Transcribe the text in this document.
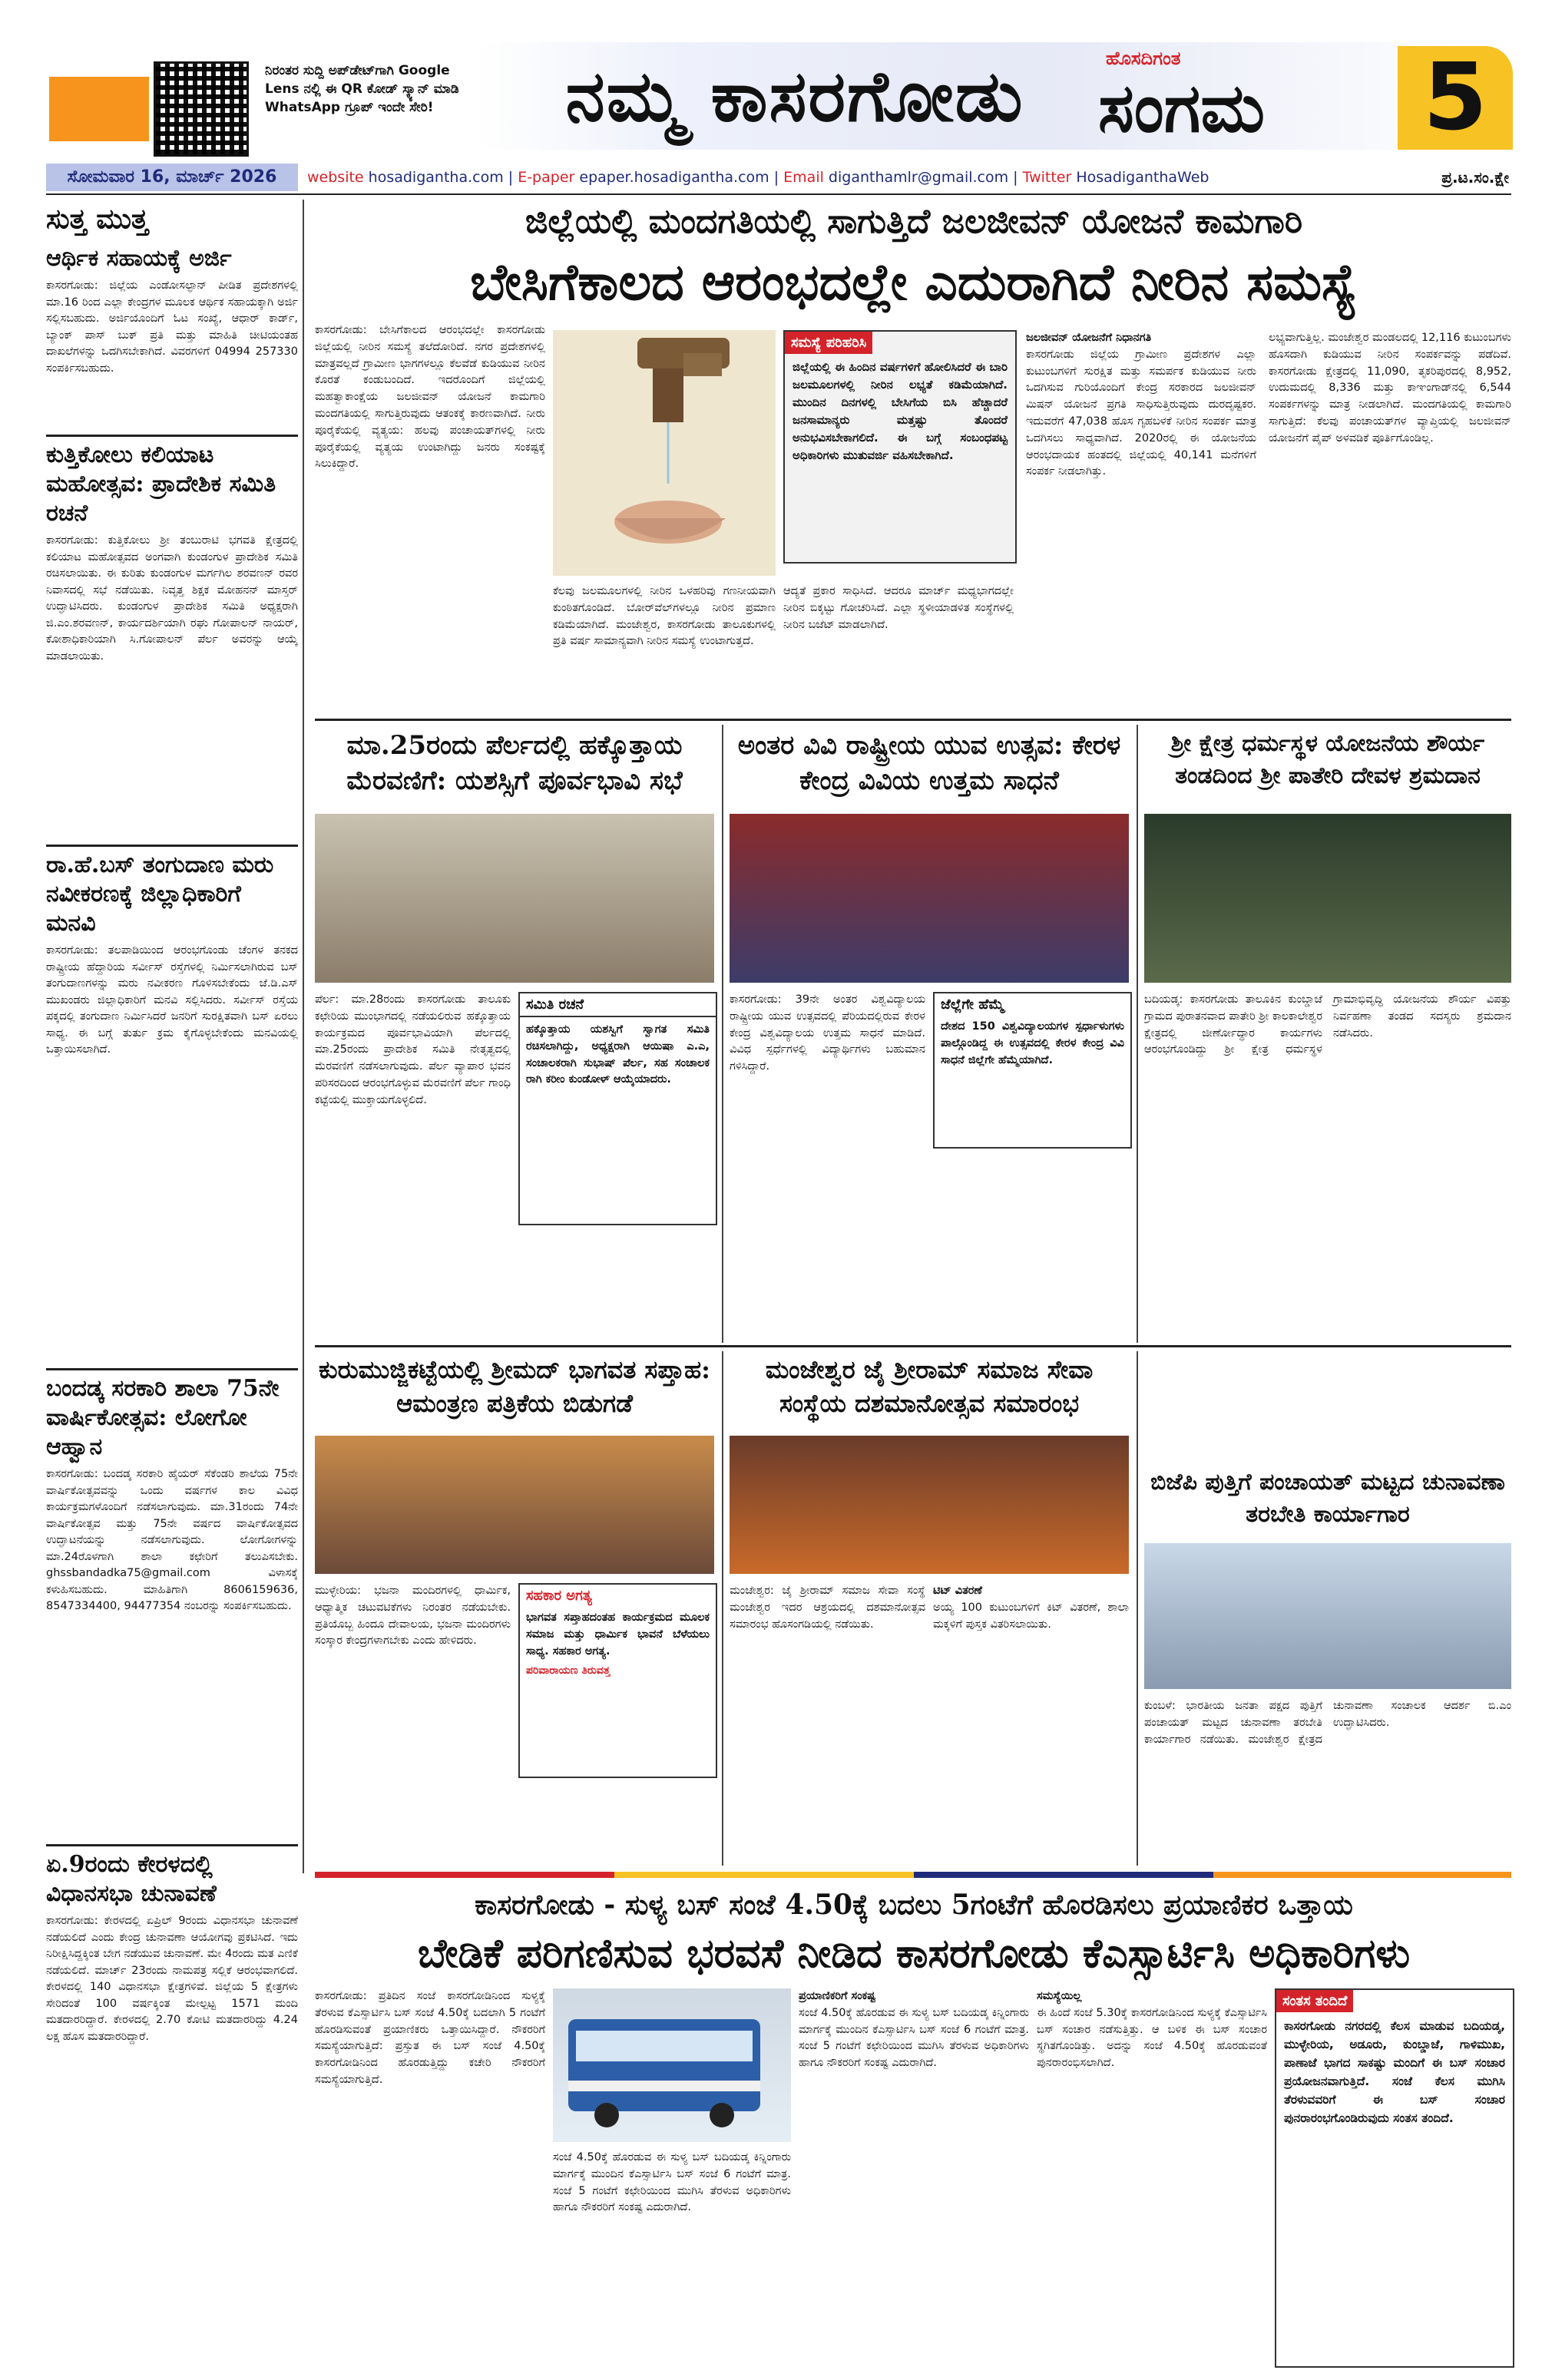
ನಿರಂತರ ಸುದ್ದಿ ಅಪ್‌ಡೇಟ್‌ಗಾಗಿ Google Lens ನಲ್ಲಿ ಈ QR ಕೋಡ್ ಸ್ಕ್ಯಾನ್ ಮಾಡಿ WhatsApp ಗ್ರೂಪ್ ಇಂದೇ ಸೇರಿ!	ನಮ್ಮ ಕಾಸರಗೋಡು	ಹೊಸದಿಗಂತ
ಸಂಗಮ 5
ಸೋಮವಾರ 16, ಮಾರ್ಚ್ 2026	website hosadigantha.com | E-paper epaper.hosadigantha.com | Email diganthamlr@gmail.com | Twitter HosadiganthaWeb	ಪ್ರ.ಟ.ಸಂ.ಕ್ಷೇ
ಸುತ್ತ ಮುತ್ತ
ಆರ್ಥಿಕ ಸಹಾಯಕ್ಕೆ ಅರ್ಜಿ

ಕಾಸರಗೋಡು: ಜಿಲ್ಲೆಯ ಎಂಡೋಸಲ್ಫಾನ್ ಪೀಡಿತ ಪ್ರದೇಶಗಳಲ್ಲಿ ಮಾ.16 ರಿಂದ ಎಲ್ಲಾ ಕೇಂದ್ರಗಳ ಮೂಲಕ ಆರ್ಥಿಕ ಸಹಾಯಕ್ಕಾಗಿ ಅರ್ಜಿ ಸಲ್ಲಿಸಬಹುದು. ಅರ್ಜಿಯೊಂದಿಗೆ ಓಟ ಸಂಖ್ಯೆ, ಆಧಾರ್ ಕಾರ್ಡ್, ಬ್ಯಾಂಕ್ ಪಾಸ್ ಬುಕ್ ಪ್ರತಿ ಮತ್ತು ಮಾಹಿತಿ ಚೀಟಿಯಂತಹ ದಾಖಲೆಗಳನ್ನು ಒದಗಿಸಬೇಕಾಗಿದೆ. ವಿವರಗಳಿಗೆ 04994 257330 ಸಂಪರ್ಕಿಸಬಹುದು.

ಕುತ್ತಿಕೋಲು ಕಲಿಯಾಟ ಮಹೋತ್ಸವ: ಪ್ರಾದೇಶಿಕ ಸಮಿತಿ ರಚನೆ

ಕಾಸರಗೋಡು: ಕುತ್ತಿಕೋಲು ಶ್ರೀ ತಂಬುರಾಟಿ ಭಗವತಿ ಕ್ಷೇತ್ರದಲ್ಲಿ ಕಲಿಯಾಟ ಮಹೋತ್ಸವದ ಅಂಗವಾಗಿ ಕುಂಡಂಗುಳ ಪ್ರಾದೇಶಿಕ ಸಮಿತಿ ರಚಿಸಲಾಯಿತು. ಈ ಕುರಿತು ಕುಂಡಂಗುಳ ಮರ್ಗಗಿಲ ಶರವಣನ್ ರವರ ನಿವಾಸದಲ್ಲಿ ಸಭೆ ನಡೆಯಿತು. ನಿವೃತ್ತ ಶಿಕ್ಷಕ ಮೋಹನನ್ ಮಾಸ್ತರ್ ಉದ್ಘಾಟಿಸಿದರು. ಕುಂಡಂಗುಳ ಪ್ರಾದೇಶಿಕ ಸಮಿತಿ ಅಧ್ಯಕ್ಷರಾಗಿ ಜಿ.ಎಂ.ಶರವಣನ್, ಕಾರ್ಯದರ್ಶಿಯಾಗಿ ರಘು ಗೋಪಾಲನ್ ನಾಯರ್, ಕೋಶಾಧಿಕಾರಿಯಾಗಿ ಸಿ.ಗೋಪಾಲನ್ ಪೆರ್ಲ ಅವರನ್ನು ಆಯ್ಕೆ ಮಾಡಲಾಯಿತು.

ರಾ.ಹೆ.ಬಸ್ ತಂಗುದಾಣ ಮರು ನವೀಕರಣಕ್ಕೆ ಜಿಲ್ಲಾಧಿಕಾರಿಗೆ ಮನವಿ

ಕಾಸರಗೋಡು: ತಲಪಾಡಿಯಿಂದ ಆರಂಭಗೊಂಡು ಚೆಂಗಳ ತನಕದ ರಾಷ್ಟ್ರೀಯ ಹೆದ್ದಾರಿಯ ಸರ್ವೀಸ್ ರಸ್ತೆಗಳಲ್ಲಿ ನಿರ್ಮಿಸಲಾಗಿರುವ ಬಸ್ ತಂಗುದಾಣಗಳನ್ನು ಮರು ನವೀಕರಣ ಗೊಳಿಸಬೇಕೆಂದು ಜೆ.ಡಿ.ಎಸ್ ಮುಖಂಡರು ಜಿಲ್ಲಾಧಿಕಾರಿಗೆ ಮನವಿ ಸಲ್ಲಿಸಿದರು. ಸರ್ವೀಸ್ ರಸ್ತೆಯ ಪಕ್ಕದಲ್ಲಿ ತಂಗುದಾಣ ನಿರ್ಮಿಸಿದರೆ ಜನರಿಗೆ ಸುರಕ್ಷಿತವಾಗಿ ಬಸ್ ಏರಲು ಸಾಧ್ಯ. ಈ ಬಗ್ಗೆ ತುರ್ತು ಕ್ರಮ ಕೈಗೊಳ್ಳಬೇಕೆಂದು ಮನವಿಯಲ್ಲಿ ಒತ್ತಾಯಿಸಲಾಗಿದೆ.

ಬಂದಡ್ಕ ಸರಕಾರಿ ಶಾಲಾ 75ನೇ ವಾರ್ಷಿಕೋತ್ಸವ: ಲೋಗೋ ಆಹ್ವಾನ

ಕಾಸರಗೋಡು: ಬಂದಡ್ಕ ಸರಕಾರಿ ಹೈಯರ್ ಸೆಕೆಂಡರಿ ಶಾಲೆಯ 75ನೇ ವಾರ್ಷಿಕೋತ್ಸವವನ್ನು ಒಂದು ವರ್ಷಗಳ ಕಾಲ ವಿವಿಧ ಕಾರ್ಯಕ್ರಮಗಳೊಂದಿಗೆ ನಡೆಸಲಾಗುವುದು. ಮಾ.31ರಂದು 74ನೇ ವಾರ್ಷಿಕೋತ್ಸವ ಮತ್ತು 75ನೇ ವರ್ಷದ ವಾರ್ಷಿಕೋತ್ಸವದ ಉದ್ಘಾಟನೆಯನ್ನು ನಡೆಸಲಾಗುವುದು. ಲೋಗೋಗಳನ್ನು ಮಾ.24ರೊಳಗಾಗಿ ಶಾಲಾ ಕಛೇರಿಗೆ ತಲುಪಿಸಬೇಕು. ghssbandadka75@gmail.com ವಿಳಾಸಕ್ಕೆ ಕಳುಹಿಸಬಹುದು. ಮಾಹಿತಿಗಾಗಿ 8606159636, 8547334400, 94477354 ನಂಬರನ್ನು ಸಂಪರ್ಕಿಸಬಹುದು.

ಏ.9ರಂದು ಕೇರಳದಲ್ಲಿ ವಿಧಾನಸಭಾ ಚುನಾವಣೆ

ಕಾಸರಗೋಡು: ಕೇರಳದಲ್ಲಿ ಏಪ್ರಿಲ್ 9ರಂದು ವಿಧಾನಸಭಾ ಚುನಾವಣೆ ನಡೆಯಲಿದೆ ಎಂದು ಕೇಂದ್ರ ಚುನಾವಣಾ ಆಯೋಗವು ಪ್ರಕಟಿಸಿದೆ. ಇದು ನಿರೀಕ್ಷಿಸಿದ್ದಕ್ಕಿಂತ ಬೇಗ ನಡೆಯುವ ಚುನಾವಣೆ. ಮೇ 4ರಂದು ಮತ ಎಣಿಕೆ ನಡೆಯಲಿದೆ. ಮಾರ್ಚ್ 23ರಂದು ನಾಮಪತ್ರ ಸಲ್ಲಿಕೆ ಆರಂಭವಾಗಲಿದೆ. ಕೇರಳದಲ್ಲಿ 140 ವಿಧಾನಸಭಾ ಕ್ಷೇತ್ರಗಳಿವೆ. ಜಿಲ್ಲೆಯ 5 ಕ್ಷೇತ್ರಗಳು ಸೇರಿದಂತೆ 100 ವರ್ಷಕ್ಕಿಂತ ಮೇಲ್ಪಟ್ಟ 1571 ಮಂದಿ ಮತದಾರರಿದ್ದಾರೆ. ಕೇರಳದಲ್ಲಿ 2.70 ಕೋಟಿ ಮತದಾರರಿದ್ದು 4.24 ಲಕ್ಷ ಹೊಸ ಮತದಾರರಿದ್ದಾರೆ.

ಜಿಲ್ಲೆಯಲ್ಲಿ ಮಂದಗತಿಯಲ್ಲಿ ಸಾಗುತ್ತಿದೆ ಜಲಜೀವನ್ ಯೋಜನೆ ಕಾಮಗಾರಿ
ಬೇಸಿಗೆಕಾಲದ ಆರಂಭದಲ್ಲೇ ಎದುರಾಗಿದೆ ನೀರಿನ ಸಮಸ್ಯೆ

ಕಾಸರಗೋಡು: ಬೇಸಿಗೆಕಾಲದ ಆರಂಭದಲ್ಲೇ ಕಾಸರಗೋಡು ಜಿಲ್ಲೆಯಲ್ಲಿ ನೀರಿನ ಸಮಸ್ಯೆ ತಲೆದೋರಿದೆ. ನಗರ ಪ್ರದೇಶಗಳಲ್ಲಿ ಮಾತ್ರವಲ್ಲದೆ ಗ್ರಾಮೀಣ ಭಾಗಗಳಲ್ಲೂ ಕೆಲವೆಡೆ ಕುಡಿಯುವ ನೀರಿನ ಕೊರತೆ ಕಂಡುಬಂದಿದೆ. ಇದರೊಂದಿಗೆ ಜಿಲ್ಲೆಯಲ್ಲಿ ಮಹತ್ವಾಕಾಂಕ್ಷೆಯ ಜಲಜೀವನ್ ಯೋಜನೆ ಕಾಮಗಾರಿ ಮಂದಗತಿಯಲ್ಲಿ ಸಾಗುತ್ತಿರುವುದು ಆತಂಕಕ್ಕೆ ಕಾರಣವಾಗಿದೆ. ನೀರು ಪೂರೈಕೆಯಲ್ಲಿ ವ್ಯತ್ಯಯ: ಹಲವು ಪಂಚಾಯತ್‌ಗಳಲ್ಲಿ ನೀರು ಪೂರೈಕೆಯಲ್ಲಿ ವ್ಯತ್ಯಯ ಉಂಟಾಗಿದ್ದು ಜನರು ಸಂಕಷ್ಟಕ್ಕೆ ಸಿಲುಕಿದ್ದಾರೆ.

ಕೆಲವು ಜಲಮೂಲಗಳಲ್ಲಿ ನೀರಿನ ಒಳಹರಿವು ಗಣನೀಯವಾಗಿ ಕುಂಠಿತಗೊಂಡಿದೆ. ಬೋರ್‌ವೆಲ್‌ಗಳಲ್ಲೂ ನೀರಿನ ಪ್ರಮಾಣ ಕಡಿಮೆಯಾಗಿದೆ. ಮಂಜೇಶ್ವರ, ಕಾಸರಗೋಡು ತಾಲೂಕುಗಳಲ್ಲಿ ಪ್ರತಿ ವರ್ಷ ಸಾಮಾನ್ಯವಾಗಿ ನೀರಿನ ಸಮಸ್ಯೆ ಉಂಟಾಗುತ್ತದೆ.

ಸಮಸ್ಯೆ ಪರಿಹರಿಸಿ
ಜಿಲ್ಲೆಯಲ್ಲಿ ಈ ಹಿಂದಿನ ವರ್ಷಗಳಿಗೆ ಹೋಲಿಸಿದರೆ ಈ ಬಾರಿ ಜಲಮೂಲಗಳಲ್ಲಿ ನೀರಿನ ಲಭ್ಯತೆ ಕಡಿಮೆಯಾಗಿದೆ. ಮುಂದಿನ ದಿನಗಳಲ್ಲಿ ಬೇಸಿಗೆಯ ಬಿಸಿ ಹೆಚ್ಚಾದರೆ ಜನಸಾಮಾನ್ಯರು ಮತ್ತಷ್ಟು ತೊಂದರೆ ಅನುಭವಿಸಬೇಕಾಗಲಿದೆ. ಈ ಬಗ್ಗೆ ಸಂಬಂಧಪಟ್ಟ ಅಧಿಕಾರಿಗಳು ಮುತುವರ್ಜಿ ವಹಿಸಬೇಕಾಗಿದೆ.

ಆದ್ಯತೆ ಪ್ರಕಾರ ಸಾಧಿಸಿದೆ. ಆದರೂ ಮಾರ್ಚ್ ಮಧ್ಯಭಾಗದಲ್ಲೇ ನೀರಿನ ಬಿಕ್ಕಟ್ಟು ಗೋಚರಿಸಿದೆ. ಎಲ್ಲಾ ಸ್ಥಳೀಯಾಡಳಿತ ಸಂಸ್ಥೆಗಳಲ್ಲಿ ನೀರಿನ ಬಜೆಟ್ ಮಾಡಲಾಗಿದೆ.

ಜಲಜೀವನ್ ಯೋಜನೆಗೆ ನಿಧಾನಗತಿ

ಕಾಸರಗೋಡು ಜಿಲ್ಲೆಯ ಗ್ರಾಮೀಣ ಪ್ರದೇಶಗಳ ಎಲ್ಲಾ ಕುಟುಂಬಗಳಿಗೆ ಸುರಕ್ಷಿತ ಮತ್ತು ಸಮರ್ಪಕ ಕುಡಿಯುವ ನೀರು ಒದಗಿಸುವ ಗುರಿಯೊಂದಿಗೆ ಕೇಂದ್ರ ಸರಕಾರದ ಜಲಜೀವನ್ ಮಿಷನ್ ಯೋಜನೆ ಪ್ರಗತಿ ಸಾಧಿಸುತ್ತಿರುವುದು ದುರದೃಷ್ಟಕರ. ಇದುವರೆಗೆ 47,038 ಹೊಸ ಗೃಹಬಳಕೆ ನೀರಿನ ಸಂಪರ್ಕ ಮಾತ್ರ ಒದಗಿಸಲು ಸಾಧ್ಯವಾಗಿದೆ. 2020ರಲ್ಲಿ ಈ ಯೋಜನೆಯ ಆರಂಭದಾಯಕ ಹಂತದಲ್ಲಿ ಜಿಲ್ಲೆಯಲ್ಲಿ 40,141 ಮನೆಗಳಿಗೆ ಸಂಪರ್ಕ ನೀಡಲಾಗಿತ್ತು.

ಲಭ್ಯವಾಗುತ್ತಿಲ್ಲ. ಮಂಜೇಶ್ವರ ಮಂಡಲದಲ್ಲಿ 12,116 ಕುಟುಂಬಗಳು ಹೊಸದಾಗಿ ಕುಡಿಯುವ ನೀರಿನ ಸಂಪರ್ಕವನ್ನು ಪಡೆದಿವೆ. ಕಾಸರಗೋಡು ಕ್ಷೇತ್ರದಲ್ಲಿ 11,090, ತೃಕರಿಪುರದಲ್ಲಿ 8,952, ಉದುಮದಲ್ಲಿ 8,336 ಮತ್ತು ಕಾಞಂಗಾಡ್‌ನಲ್ಲಿ 6,544 ಸಂಪರ್ಕಗಳನ್ನು ಮಾತ್ರ ನೀಡಲಾಗಿದೆ. ಮಂದಗತಿಯಲ್ಲಿ ಕಾಮಗಾರಿ ಸಾಗುತ್ತಿದೆ: ಕೆಲವು ಪಂಚಾಯತ್‌ಗಳ ವ್ಯಾಪ್ತಿಯಲ್ಲಿ ಜಲಜೀವನ್ ಯೋಜನೆಗೆ ಪೈಪ್ ಅಳವಡಿಕೆ ಪೂರ್ತಿಗೊಂಡಿಲ್ಲ.

ಮಾ.25ರಂದು ಪೆರ್ಲದಲ್ಲಿ ಹಕ್ಕೊತ್ತಾಯ ಮೆರವಣಿಗೆ: ಯಶಸ್ಸಿಗೆ ಪೂರ್ವಭಾವಿ ಸಭೆ

ಪೆರ್ಲ: ಮಾ.28ರಂದು ಕಾಸರಗೋಡು ತಾಲೂಕು ಕಛೇರಿಯ ಮುಂಭಾಗದಲ್ಲಿ ನಡೆಯಲಿರುವ ಹಕ್ಕೊತ್ತಾಯ ಕಾರ್ಯಕ್ರಮದ ಪೂರ್ವಭಾವಿಯಾಗಿ ಪೆರ್ಲದಲ್ಲಿ ಮಾ.25ರಂದು ಪ್ರಾದೇಶಿಕ ಸಮಿತಿ ನೇತೃತ್ವದಲ್ಲಿ ಮೆರವಣಿಗೆ ನಡೆಸಲಾಗುವುದು. ಪೆರ್ಲ ವ್ಯಾಪಾರ ಭವನ ಪರಿಸರದಿಂದ ಆರಂಭಗೊಳ್ಳುವ ಮೆರವಣಿಗೆ ಪೆರ್ಲ ಗಾಂಧಿ ಕಟ್ಟೆಯಲ್ಲಿ ಮುಕ್ತಾಯಗೊಳ್ಳಲಿದೆ.

ಸಮಿತಿ ರಚನೆ
ಹಕ್ಕೊತ್ತಾಯ ಯಶಸ್ವಿಗೆ ಸ್ವಾಗತ ಸಮಿತಿ ರಚಿಸಲಾಗಿದ್ದು, ಅಧ್ಯಕ್ಷರಾಗಿ ಆಯಿಷಾ ಎ.ಎ, ಸಂಚಾಲಕರಾಗಿ ಸುಭಾಷ್ ಪೆರ್ಲ, ಸಹ ಸಂಚಾಲಕ ರಾಗಿ ಕರೀಂ ಕುಂಡೋಳ್ ಆಯ್ಕೆಯಾದರು.
ಅಂತರ ವಿವಿ ರಾಷ್ಟ್ರೀಯ ಯುವ ಉತ್ಸವ: ಕೇರಳ ಕೇಂದ್ರ ವಿವಿಯ ಉತ್ತಮ ಸಾಧನೆ

ಕಾಸರಗೋಡು: 39ನೇ ಅಂತರ ವಿಶ್ವವಿದ್ಯಾಲಯ ರಾಷ್ಟ್ರೀಯ ಯುವ ಉತ್ಸವದಲ್ಲಿ ಪೆರಿಯದಲ್ಲಿರುವ ಕೇರಳ ಕೇಂದ್ರ ವಿಶ್ವವಿದ್ಯಾಲಯ ಉತ್ತಮ ಸಾಧನೆ ಮಾಡಿದೆ. ವಿವಿಧ ಸ್ಪರ್ಧೆಗಳಲ್ಲಿ ವಿದ್ಯಾರ್ಥಿಗಳು ಬಹುಮಾನ ಗಳಿಸಿದ್ದಾರೆ.

ಜೆಲ್ಲೆಗೇ ಹೆಮ್ಮೆ
ದೇಶದ 150 ವಿಶ್ವವಿದ್ಯಾಲಯಗಳ ಸ್ಪರ್ಧಾಳುಗಳು ಪಾಲ್ಗೊಂಡಿದ್ದ ಈ ಉತ್ಸವದಲ್ಲಿ ಕೇರಳ ಕೇಂದ್ರ ವಿವಿ ಸಾಧನೆ ಜಿಲ್ಲೆಗೇ ಹೆಮ್ಮೆಯಾಗಿದೆ.
ಶ್ರೀ ಕ್ಷೇತ್ರ ಧರ್ಮಸ್ಥಳ ಯೋಜನೆಯ ಶೌರ್ಯ ತಂಡದಿಂದ ಶ್ರೀ ಪಾತೇರಿ ದೇವಳ ಶ್ರಮದಾನ

ಬದಿಯಡ್ಕ: ಕಾಸರಗೋಡು ತಾಲೂಕಿನ ಕುಂಬ್ಡಾಜೆ ಗ್ರಾಮದ ಪುರಾತನವಾದ ಪಾತೇರಿ ಶ್ರೀ ಕಾಲಕಾಲೇಶ್ವರ ಕ್ಷೇತ್ರದಲ್ಲಿ ಜೀರ್ಣೋದ್ಧಾರ ಕಾರ್ಯಗಳು ಆರಂಭಗೊಂಡಿದ್ದು ಶ್ರೀ ಕ್ಷೇತ್ರ ಧರ್ಮಸ್ಥಳ ಗ್ರಾಮಾಭಿವೃದ್ಧಿ ಯೋಜನೆಯ ಶೌರ್ಯ ವಿಪತ್ತು ನಿರ್ವಹಣಾ ತಂಡದ ಸದಸ್ಯರು ಶ್ರಮದಾನ ನಡೆಸಿದರು.

ಕುರುಮುಜ್ಜಿಕಟ್ಟೆಯಲ್ಲಿ ಶ್ರೀಮದ್ ಭಾಗವತ ಸಪ್ತಾಹ: ಆಮಂತ್ರಣ ಪತ್ರಿಕೆಯ ಬಿಡುಗಡೆ

ಮುಳ್ಳೇರಿಯ: ಭಜನಾ ಮಂದಿರಗಳಲ್ಲಿ ಧಾರ್ಮಿಕ, ಆಧ್ಯಾತ್ಮಿಕ ಚಟುವಟಿಕೆಗಳು ನಿರಂತರ ನಡೆಯಬೇಕು. ಪ್ರತಿಯೊಬ್ಬ ಹಿಂದೂ ದೇವಾಲಯ, ಭಜನಾ ಮಂದಿರಗಳು ಸಂಸ್ಕಾರ ಕೇಂದ್ರಗಳಾಗಬೇಕು ಎಂದು ಹೇಳಿದರು.

ಸಹಕಾರ ಅಗತ್ಯ
ಭಾಗವತ ಸಪ್ತಾಹದಂತಹ ಕಾರ್ಯಕ್ರಮದ ಮೂಲಕ ಸಮಾಜ ಮತ್ತು ಧಾರ್ಮಿಕ ಭಾವನೆ ಬೆಳೆಯಲು ಸಾಧ್ಯ. ಸಹಕಾರ ಅಗತ್ಯ.
ಪರಿವಾರಾಯಣ ತಿರುವತ್ತ
ಮಂಜೇಶ್ವರ ಜೈ ಶ್ರೀರಾಮ್ ಸಮಾಜ ಸೇವಾ ಸಂಸ್ಥೆಯ ದಶಮಾನೋತ್ಸವ ಸಮಾರಂಭ

ಮಂಜೇಶ್ವರ: ಜೈ ಶ್ರೀರಾಮ್ ಸಮಾಜ ಸೇವಾ ಸಂಸ್ಥೆ ಮಂಜೇಶ್ವರ ಇದರ ಆಶ್ರಯದಲ್ಲಿ ದಶಮಾನೋತ್ಸವ ಸಮಾರಂಭ ಹೊಸಂಗಡಿಯಲ್ಲಿ ನಡೆಯಿತು.

ಟಿಟ್ ವಿತರಣೆ

ಅಯ್ಯ 100 ಕುಟುಂಬಗಳಿಗೆ ಕಿಟ್ ವಿತರಣೆ, ಶಾಲಾ ಮಕ್ಕಳಿಗೆ ಪುಸ್ತಕ ವಿತರಿಸಲಾಯಿತು.

ಬಿಜೆಪಿ ಪುತ್ತಿಗೆ ಪಂಚಾಯತ್ ಮಟ್ಟದ ಚುನಾವಣಾ ತರಬೇತಿ ಕಾರ್ಯಾಗಾರ

ಕುಂಬಳೆ: ಭಾರತೀಯ ಜನತಾ ಪಕ್ಷದ ಪುತ್ತಿಗೆ ಪಂಚಾಯತ್ ಮಟ್ಟದ ಚುನಾವಣಾ ತರಬೇತಿ ಕಾರ್ಯಾಗಾರ ನಡೆಯಿತು. ಮಂಜೇಶ್ವರ ಕ್ಷೇತ್ರದ ಚುನಾವಣಾ ಸಂಚಾಲಕ ಆದರ್ಶ ಬಿ.ಎಂ ಉದ್ಘಾಟಿಸಿದರು.

ಕಾಸರಗೋಡು - ಸುಳ್ಯ ಬಸ್ ಸಂಜೆ 4.50ಕ್ಕೆ ಬದಲು 5ಗಂಟೆಗೆ ಹೊರಡಿಸಲು ಪ್ರಯಾಣಿಕರ ಒತ್ತಾಯ
ಬೇಡಿಕೆ ಪರಿಗಣಿಸುವ ಭರವಸೆ ನೀಡಿದ ಕಾಸರಗೋಡು ಕೆಎಸ್ಸಾರ್ಟಿಸಿ ಅಧಿಕಾರಿಗಳು

ಕಾಸರಗೋಡು: ಪ್ರತಿದಿನ ಸಂಜೆ ಕಾಸರಗೋಡಿನಿಂದ ಸುಳ್ಯಕ್ಕೆ ತೆರಳುವ ಕೆಎಸ್ಸಾರ್ಟಿಸಿ ಬಸ್ ಸಂಜೆ 4.50ಕ್ಕೆ ಬದಲಾಗಿ 5 ಗಂಟೆಗೆ ಹೊರಡಿಸುವಂತೆ ಪ್ರಯಾಣಿಕರು ಒತ್ತಾಯಿಸಿದ್ದಾರೆ. ನೌಕರರಿಗೆ ಸಮಸ್ಯೆಯಾಗುತ್ತಿದೆ: ಪ್ರಸ್ತುತ ಈ ಬಸ್ ಸಂಜೆ 4.50ಕ್ಕೆ ಕಾಸರಗೋಡಿನಿಂದ ಹೊರಡುತ್ತಿದ್ದು ಕಚೇರಿ ನೌಕರರಿಗೆ ಸಮಸ್ಯೆಯಾಗುತ್ತಿದೆ.

ಸಂಜೆ 4.50ಕ್ಕೆ ಹೊರಡುವ ಈ ಸುಳ್ಯ ಬಸ್ ಬದಿಯಡ್ಕ ಕಿನ್ನಿಂಗಾರು ಮಾರ್ಗಕ್ಕೆ ಮುಂದಿನ ಕೆಎಸ್ಸಾರ್ಟಿಸಿ ಬಸ್ ಸಂಜೆ 6 ಗಂಟೆಗೆ ಮಾತ್ರ. ಸಂಜೆ 5 ಗಂಟೆಗೆ ಕಛೇರಿಯಿಂದ ಮುಗಿಸಿ ತೆರಳುವ ಅಧಿಕಾರಿಗಳು ಹಾಗೂ ನೌಕರರಿಗೆ ಸಂಕಷ್ಟ ಎದುರಾಗಿದೆ.

ಪ್ರಯಾಣಿಕರಿಗೆ ಸಂಕಷ್ಟ

ಸಂಜೆ 4.50ಕ್ಕೆ ಹೊರಡುವ ಈ ಸುಳ್ಯ ಬಸ್ ಬದಿಯಡ್ಕ ಕಿನ್ನಿಂಗಾರು ಮಾರ್ಗಕ್ಕೆ ಮುಂದಿನ ಕೆಎಸ್ಸಾರ್ಟಿಸಿ ಬಸ್ ಸಂಜೆ 6 ಗಂಟೆಗೆ ಮಾತ್ರ. ಸಂಜೆ 5 ಗಂಟೆಗೆ ಕಛೇರಿಯಿಂದ ಮುಗಿಸಿ ತೆರಳುವ ಅಧಿಕಾರಿಗಳು ಹಾಗೂ ನೌಕರರಿಗೆ ಸಂಕಷ್ಟ ಎದುರಾಗಿದೆ.

ಸಮಸ್ಯೆಯಿಲ್ಲ

ಈ ಹಿಂದೆ ಸಂಜೆ 5.30ಕ್ಕೆ ಕಾಸರಗೋಡಿನಿಂದ ಸುಳ್ಯಕ್ಕೆ ಕೆಎಸ್ಸಾರ್ಟಿಸಿ ಬಸ್ ಸಂಚಾರ ನಡೆಸುತ್ತಿತ್ತು. ಆ ಬಳಿಕ ಈ ಬಸ್ ಸಂಚಾರ ಸ್ಥಗಿತಗೊಂಡಿತ್ತು. ಅದನ್ನು ಸಂಜೆ 4.50ಕ್ಕೆ ಹೊರಡುವಂತೆ ಪುನರಾರಂಭಿಸಲಾಗಿದೆ.

ಸಂತಸ ತಂದಿದೆ
ಕಾಸರಗೋಡು ನಗರದಲ್ಲಿ ಕೆಲಸ ಮಾಡುವ ಬದಿಯಡ್ಕ, ಮುಳ್ಳೇರಿಯ, ಅಡೂರು, ಕುಂಬ್ಡಾಜೆ, ಗಾಳಿಮುಖ, ಪಾಣಾಜೆ ಭಾಗದ ಸಾಕಷ್ಟು ಮಂದಿಗೆ ಈ ಬಸ್ ಸಂಚಾರ ಪ್ರಯೋಜನವಾಗುತ್ತಿದೆ. ಸಂಜೆ ಕೆಲಸ ಮುಗಿಸಿ ತೆರಳುವವರಿಗೆ ಈ ಬಸ್ ಸಂಚಾರ ಪುನರಾರಂಭಗೊಂಡಿರುವುದು ಸಂತಸ ತಂದಿದೆ.
